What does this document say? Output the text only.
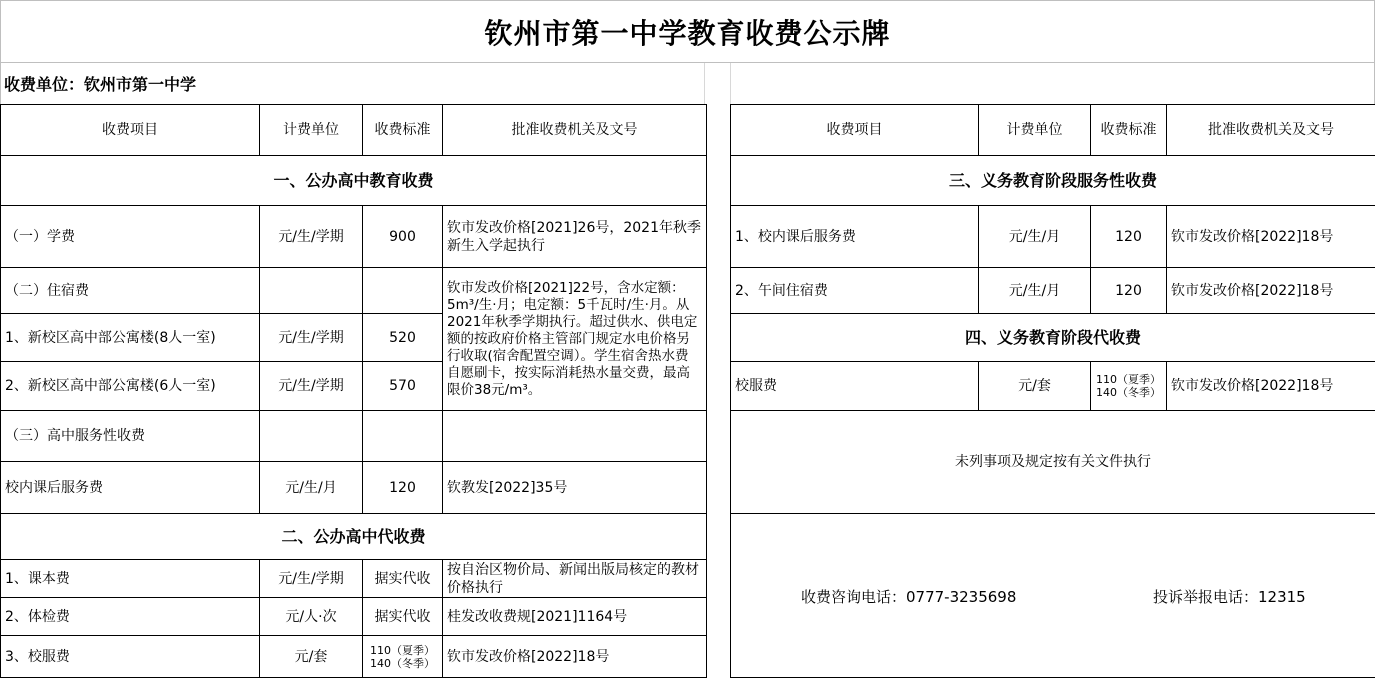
钦州市第一中学教育收费公示牌
收费单位：钦州市第一中学
收费项目	计费单位	收费标准	批准收费机关及文号
一、公办高中教育收费			
（一）学费	元/生/学期	900	钦市发改价格[2021]26号，2021年秋季新生入学起执行
（二）住宿费			钦市发改价格[2021]22号，含水定额：5m³/生·月；电定额：5千瓦时/生·月。从2021年秋季学期执行。超过供水、供电定额的按政府价格主管部门规定水电价格另行收取(宿舍配置空调）。学生宿舍热水费自愿刷卡，按实际消耗热水量交费，最高限价38元/m³。
1、新校区高中部公寓楼(8人一室)	元/生/学期	520	
2、新校区高中部公寓楼(6人一室)	元/生/学期	570	
（三）高中服务性收费			
校内课后服务费	元/生/月	120	钦教发[2022]35号
二、公办高中代收费			
1、课本费	元/生/学期	据实代收	按自治区物价局、新闻出版局核定的教材价格执行
2、体检费	元/人·次	据实代收	桂发改收费规[2021]1164号
3、校服费	元/套	110（夏季）
140（冬季）	钦市发改价格[2022]18号
收费项目	计费单位	收费标准	批准收费机关及文号
三、义务教育阶段服务性收费			
1、校内课后服务费	元/生/月	120	钦市发改价格[2022]18号
2、午间住宿费	元/生/月	120	钦市发改价格[2022]18号
四、义务教育阶段代收费			
校服费	元/套	110（夏季）
140（冬季）	钦市发改价格[2022]18号
未列事项及规定按有关文件执行			

收费咨询电话：0777-3235698	投诉举报电话：12315
